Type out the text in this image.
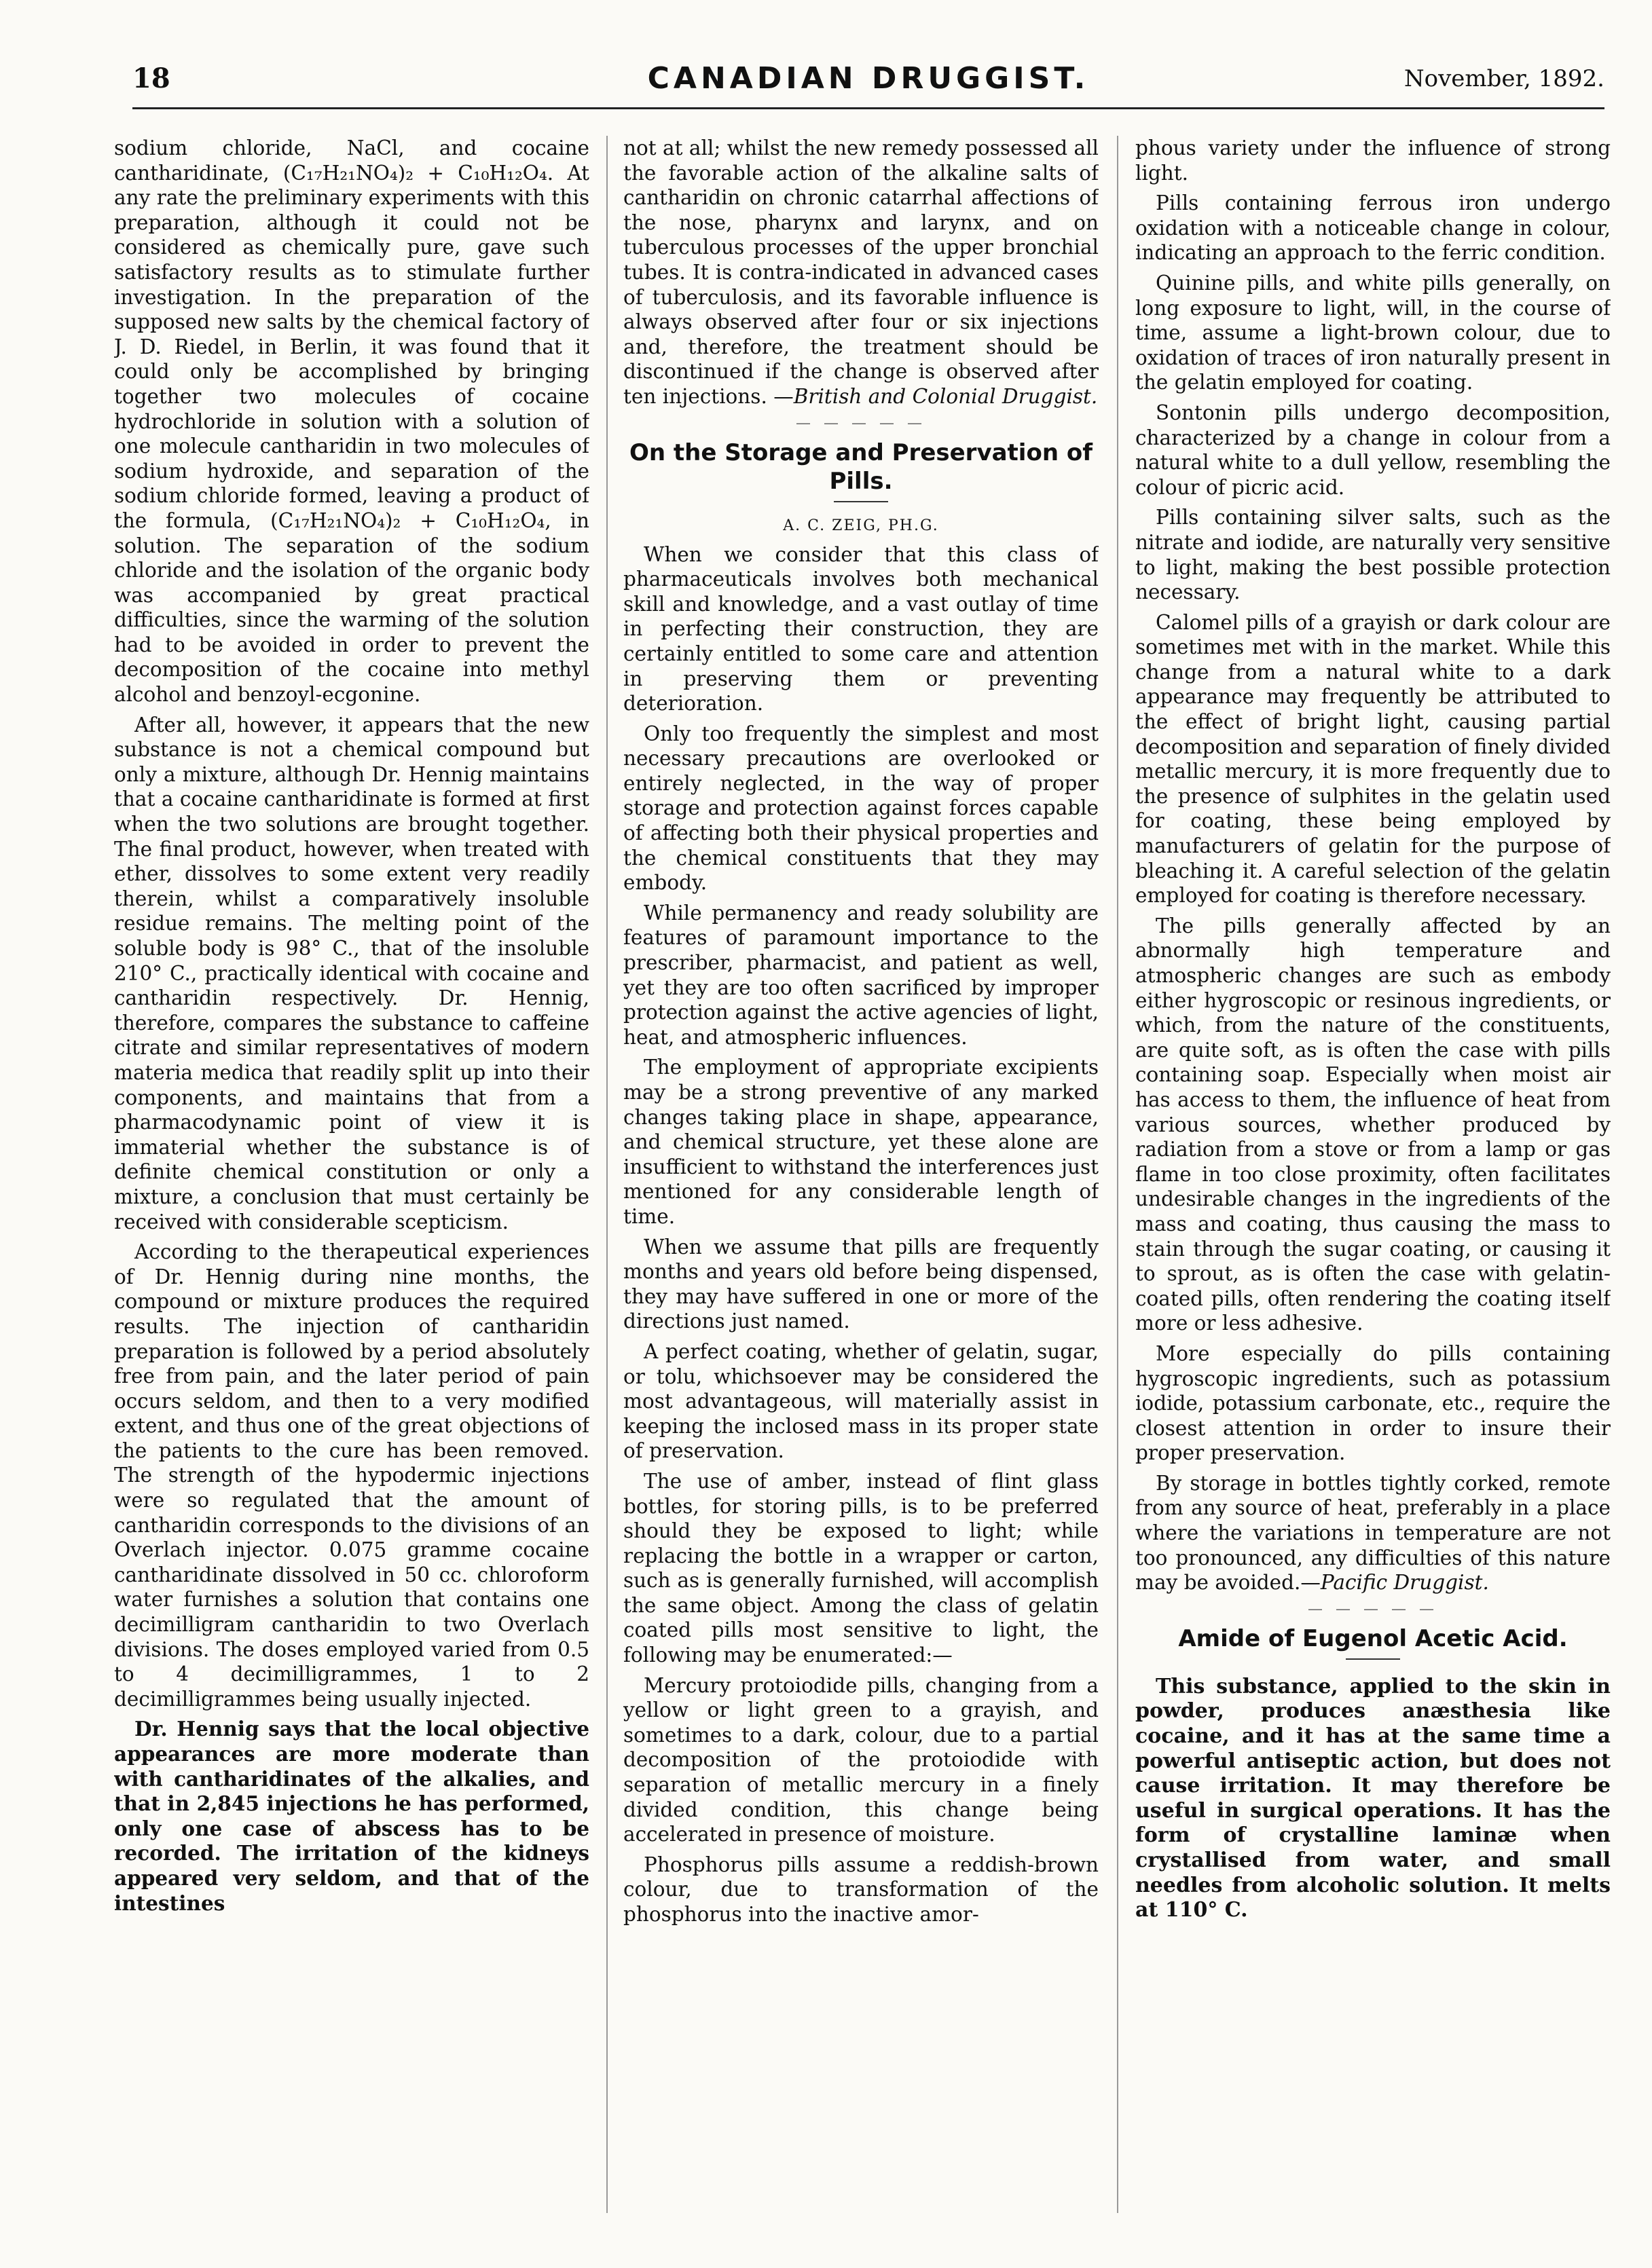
18	CANADIAN DRUGGIST.	November, 1892.

sodium chloride, NaCl, and cocaine cantharidinate, (C₁₇H₂₁NO₄)₂ + C₁₀H₁₂O₄. At any rate the preliminary experiments with this preparation, although it could not be considered as chemically pure, gave such satisfactory results as to stimulate further investigation. In the preparation of the supposed new salts by the chemical factory of J. D. Riedel, in Berlin, it was found that it could only be accomplished by bringing together two molecules of cocaine hydrochloride in solution with a solution of one molecule cantharidin in two molecules of sodium hydroxide, and separation of the sodium chloride formed, leaving a product of the formula, (C₁₇H₂₁NO₄)₂ + C₁₀H₁₂O₄, in solution. The separation of the sodium chloride and the isolation of the organic body was accompanied by great practical difficulties, since the warming of the solution had to be avoided in order to prevent the decomposition of the cocaine into methyl alcohol and benzoyl-ecgonine.

After all, however, it appears that the new substance is not a chemical compound but only a mixture, although Dr. Hennig maintains that a cocaine cantharidinate is formed at first when the two solutions are brought together. The final product, however, when treated with ether, dissolves to some extent very readily therein, whilst a comparatively insoluble residue remains. The melting point of the soluble body is 98° C., that of the insoluble 210° C., practically identical with cocaine and cantharidin respectively. Dr. Hennig, therefore, compares the substance to caffeine citrate and similar representatives of modern materia medica that readily split up into their components, and maintains that from a pharmacodynamic point of view it is immaterial whether the substance is of definite chemical constitution or only a mixture, a conclusion that must certainly be received with considerable scepticism.

According to the therapeutical experiences of Dr. Hennig during nine months, the compound or mixture produces the required results. The injection of cantharidin preparation is followed by a period absolutely free from pain, and the later period of pain occurs seldom, and then to a very modified extent, and thus one of the great objections of the patients to the cure has been removed. The strength of the hypodermic injections were so regulated that the amount of cantharidin corresponds to the divisions of an Overlach injector. 0.075 gramme cocaine cantharidinate dissolved in 50 cc. chloroform water furnishes a solution that contains one decimilligram cantharidin to two Overlach divisions. The doses employed varied from 0.5 to 4 decimilligrammes, 1 to 2 decimilligrammes being usually injected.

Dr. Hennig says that the local objective appearances are more moderate than with cantharidinates of the alkalies, and that in 2,845 injections he has performed, only one case of abscess has to be recorded. The irritation of the kidneys appeared very seldom, and that of the intestines

not at all; whilst the new remedy possessed all the favorable action of the alkaline salts of cantharidin on chronic catarrhal affections of the nose, pharynx and larynx, and on tuberculous processes of the upper bronchial tubes. It is contra-indicated in advanced cases of tuberculosis, and its favorable influence is always observed after four or six injections and, therefore, the treatment should be discontinued if the change is observed after ten injections. —British and Colonial Druggist.

— — — — —
On the Storage and Preservation of Pills.
A. C. ZEIG, PH.G.

When we consider that this class of pharmaceuticals involves both mechanical skill and knowledge, and a vast outlay of time in perfecting their construction, they are certainly entitled to some care and attention in preserving them or preventing deterioration.

Only too frequently the simplest and most necessary precautions are overlooked or entirely neglected, in the way of proper storage and protection against forces capable of affecting both their physical properties and the chemical constituents that they may embody.

While permanency and ready solubility are features of paramount importance to the prescriber, pharmacist, and patient as well, yet they are too often sacrificed by improper protection against the active agencies of light, heat, and atmospheric influences.

The employment of appropriate excipients may be a strong preventive of any marked changes taking place in shape, appearance, and chemical structure, yet these alone are insufficient to withstand the interferences just mentioned for any considerable length of time.

When we assume that pills are frequently months and years old before being dispensed, they may have suffered in one or more of the directions just named.

A perfect coating, whether of gelatin, sugar, or tolu, whichsoever may be considered the most advantageous, will materially assist in keeping the inclosed mass in its proper state of preservation.

The use of amber, instead of flint glass bottles, for storing pills, is to be preferred should they be exposed to light; while replacing the bottle in a wrapper or carton, such as is generally furnished, will accomplish the same object. Among the class of gelatin coated pills most sensitive to light, the following may be enumerated:—

Mercury protoiodide pills, changing from a yellow or light green to a grayish, and sometimes to a dark, colour, due to a partial decomposition of the protoiodide with separation of metallic mercury in a finely divided condition, this change being accelerated in presence of moisture.

Phosphorus pills assume a reddish-brown colour, due to transformation of the phosphorus into the inactive amor-

phous variety under the influence of strong light.

Pills containing ferrous iron undergo oxidation with a noticeable change in colour, indicating an approach to the ferric condition.

Quinine pills, and white pills generally, on long exposure to light, will, in the course of time, assume a light-brown colour, due to oxidation of traces of iron naturally present in the gelatin employed for coating.

Sontonin pills undergo decomposition, characterized by a change in colour from a natural white to a dull yellow, resembling the colour of picric acid.

Pills containing silver salts, such as the nitrate and iodide, are naturally very sensitive to light, making the best possible protection necessary.

Calomel pills of a grayish or dark colour are sometimes met with in the market. While this change from a natural white to a dark appearance may frequently be attributed to the effect of bright light, causing partial decomposition and separation of finely divided metallic mercury, it is more frequently due to the presence of sulphites in the gelatin used for coating, these being employed by manufacturers of gelatin for the purpose of bleaching it. A careful selection of the gelatin employed for coating is therefore necessary.

The pills generally affected by an abnormally high temperature and atmospheric changes are such as embody either hygroscopic or resinous ingredients, or which, from the nature of the constituents, are quite soft, as is often the case with pills containing soap. Especially when moist air has access to them, the influence of heat from various sources, whether produced by radiation from a stove or from a lamp or gas flame in too close proximity, often facilitates undesirable changes in the ingredients of the mass and coating, thus causing the mass to stain through the sugar coating, or causing it to sprout, as is often the case with gelatin-coated pills, often rendering the coating itself more or less adhesive.

More especially do pills containing hygroscopic ingredients, such as potassium iodide, potassium carbonate, etc., require the closest attention in order to insure their proper preservation.

By storage in bottles tightly corked, remote from any source of heat, preferably in a place where the variations in temperature are not too pronounced, any difficulties of this nature may be avoided.—Pacific Druggist.

— — — — —
Amide of Eugenol Acetic Acid.

This substance, applied to the skin in powder, produces anæsthesia like cocaine, and it has at the same time a powerful antiseptic action, but does not cause irritation. It may therefore be useful in surgical operations. It has the form of crystalline laminæ when crystallised from water, and small needles from alcoholic solution. It melts at 110° C.
